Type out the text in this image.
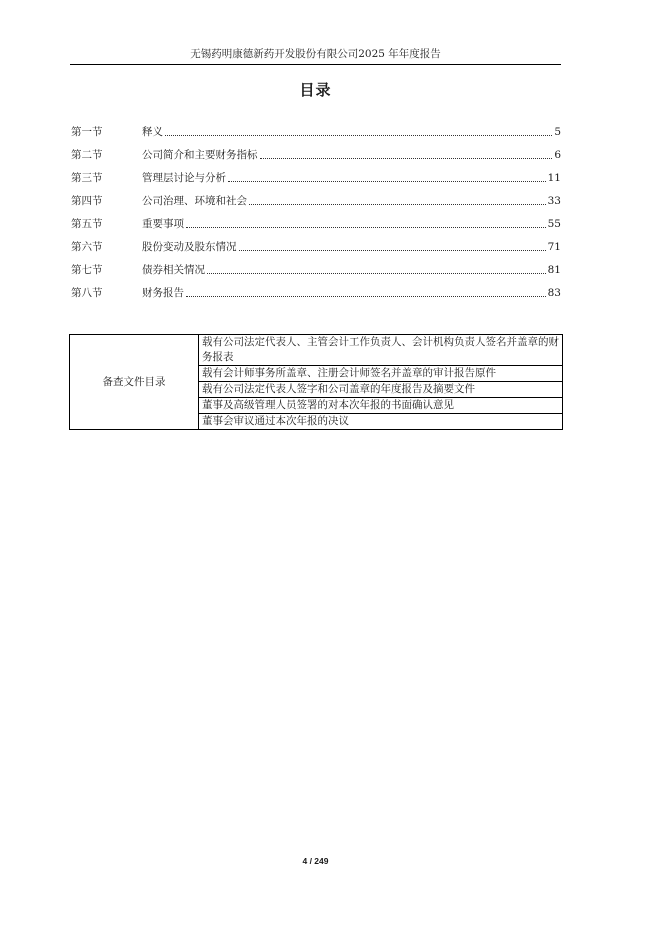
无锡药明康德新药开发股份有限公司2025 年年度报告
目录
第一节	释义	5
第二节	公司简介和主要财务指标	6
第三节	管理层讨论与分析	11
第四节	公司治理、环境和社会	33
第五节	重要事项	55
第六节	股份变动及股东情况	71
第七节	债券相关情况	81
第八节	财务报告	83
备查文件目录	载有公司法定代表人、主管会计工作负责人、会计机构负责人签名并盖章的财务报表
载有会计师事务所盖章、注册会计师签名并盖章的审计报告原件
载有公司法定代表人签字和公司盖章的年度报告及摘要文件
董事及高级管理人员签署的对本次年报的书面确认意见
董事会审议通过本次年报的决议
4 / 249
